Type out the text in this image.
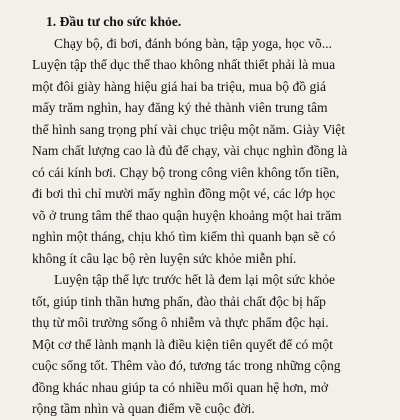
1. Đầu tư cho sức khỏe.
Chạy bộ, đi bơi, đánh bóng bàn, tập yoga, học võ...
Luyện tập thể dục thể thao không nhất thiết phải là mua
một đôi giày hàng hiệu giá hai ba triệu, mua bộ đồ giá
mấy trăm nghìn, hay đăng ký thẻ thành viên trung tâm
thể hình sang trọng phí vài chục triệu một năm. Giày Việt
Nam chất lượng cao là đủ để chạy, vài chục nghìn đồng là
có cái kính bơi. Chạy bộ trong công viên không tốn tiền,
đi bơi thì chỉ mười mấy nghìn đồng một vé, các lớp học
võ ở trung tâm thể thao quận huyện khoảng một hai trăm
nghìn một tháng, chịu khó tìm kiếm thì quanh bạn sẽ có
không ít câu lạc bộ rèn luyện sức khỏe miễn phí.
Luyện tập thể lực trước hết là đem lại một sức khỏe
tốt, giúp tinh thần hưng phấn, đào thải chất độc bị hấp
thụ từ môi trường sống ô nhiễm và thực phẩm độc hại.
Một cơ thể lành mạnh là điều kiện tiên quyết để có một
cuộc sống tốt. Thêm vào đó, tương tác trong những cộng
đồng khác nhau giúp ta có nhiều mối quan hệ hơn, mở
rộng tầm nhìn và quan điểm về cuộc đời.
